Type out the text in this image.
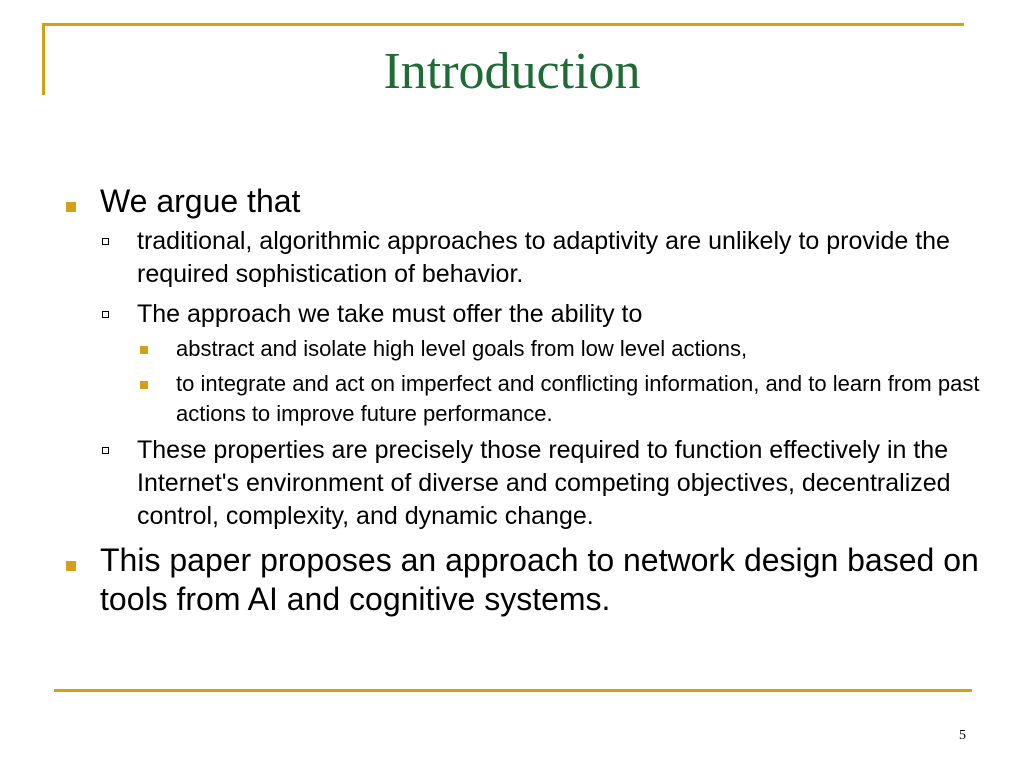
Introduction
We argue that
traditional, algorithmic approaches to adaptivity are unlikely to provide the required sophistication of behavior.
The approach we take must offer the ability to
abstract and isolate high level goals from low level actions,
to integrate and act on imperfect and conflicting information, and to learn from past actions to improve future performance.
These properties are precisely those required to function effectively in the Internet's environment of diverse and competing objectives, decentralized control, complexity, and dynamic change.
This paper proposes an approach to network design based on tools from AI and cognitive systems.
5
